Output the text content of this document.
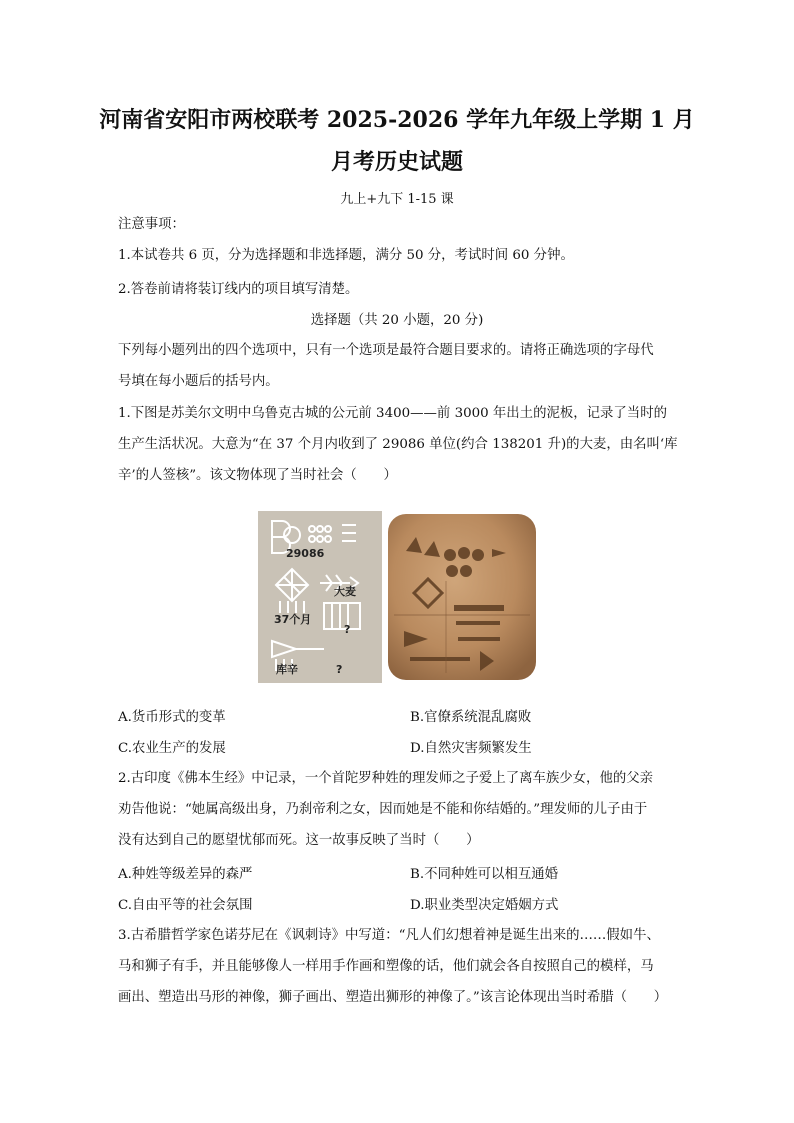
河南省安阳市两校联考 2025-2026 学年九年级上学期 1 月
月考历史试题
九上+九下 1-15 课
注意事项：
1.本试卷共 6 页，分为选择题和非选择题，满分 50 分，考试时间 60 分钟。
2.答卷前请将装订线内的项目填写清楚。
选择题（共 20 小题，20 分)
下列每小题列出的四个选项中，只有一个选项是最符合题目要求的。请将正确选项的字母代
号填在每小题后的括号内。
1.下图是苏美尔文明中乌鲁克古城的公元前 3400——前 3000 年出土的泥板，记录了当时的
生产生活状况。大意为“在 37 个月内收到了 29086 单位(约合 138201 升)的大麦，由名叫‘库
辛’的人签核”。该文物体现了当时社会（　　）
29086
大麦
37个月
?
库辛	?
A.货币形式的变革	B.官僚系统混乱腐败
C.农业生产的发展	D.自然灾害频繁发生
2.古印度《佛本生经》中记录，一个首陀罗种姓的理发师之子爱上了离车族少女，他的父亲
劝告他说：“她属高级出身，乃刹帝利之女，因而她是不能和你结婚的。”理发师的儿子由于
没有达到自己的愿望忧郁而死。这一故事反映了当时（　　）
A.种姓等级差异的森严	B.不同种姓可以相互通婚
C.自由平等的社会氛围	D.职业类型决定婚姻方式
3.古希腊哲学家色诺芬尼在《讽刺诗》中写道：“凡人们幻想着神是诞生出来的……假如牛、
马和狮子有手，并且能够像人一样用手作画和塑像的话，他们就会各自按照自己的模样，马
画出、塑造出马形的神像，狮子画出、塑造出狮形的神像了。”该言论体现出当时希腊（　　）
